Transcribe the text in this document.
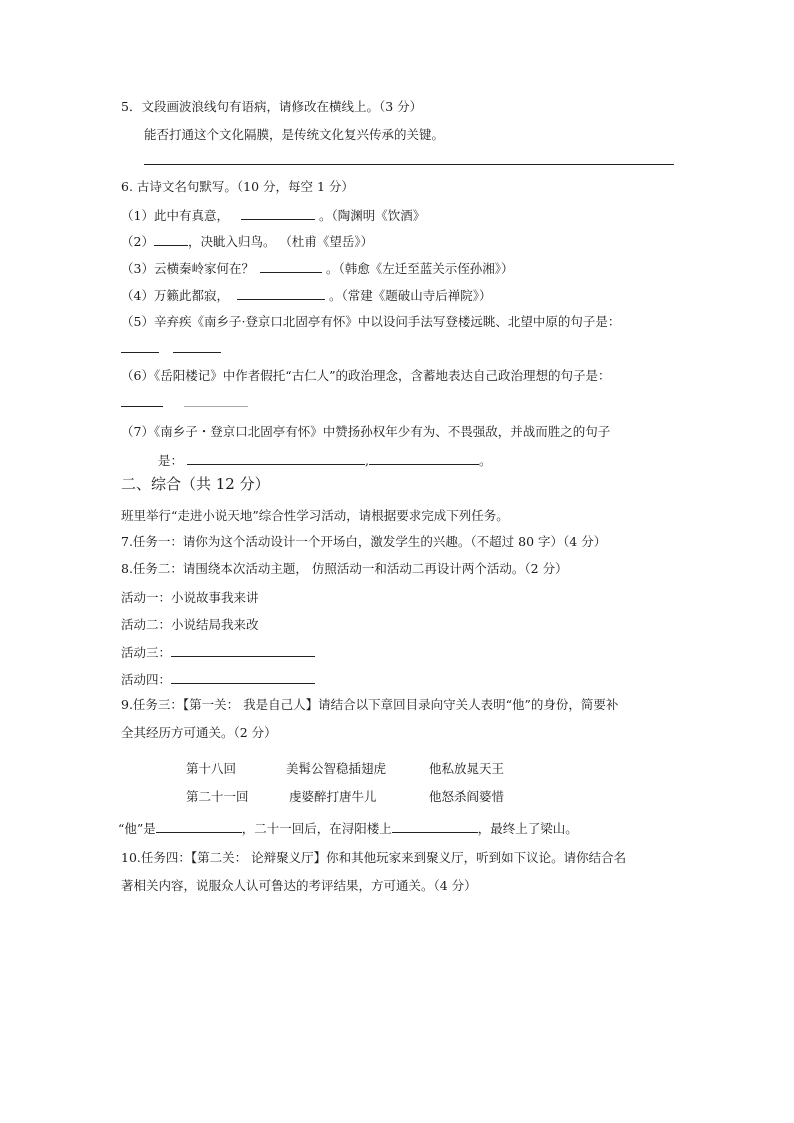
5．文段画波浪线句有语病，请修改在横线上。（3 分）
能否打通这个文化隔膜，是传统文化复兴传承的关键。
6. 古诗文名句默写。（10 分，每空 1 分）
（1）此中有真意，	。（陶渊明《饮酒》
（2）	，决眦入归鸟。 （杜甫《望岳》）
（3）云横秦岭家何在？	。（韩愈《左迁至蓝关示侄孙湘》）
（4）万籁此都寂，	。（常建《题破山寺后禅院》）
（5）辛弃疾《南乡子·登京口北固亭有怀》中以设问手法写登楼远眺、北望中原的句子是：
（6）《岳阳楼记》中作者假托“古仁人”的政治理念，含蓄地表达自己政治理想的句子是：
（7）《南乡子・登京口北固亭有怀》中赞扬孙权年少有为、不畏强敌，并战而胜之的句子
是：	,	。
二、综合（共 12 分）
班里举行“走进小说天地”综合性学习活动，请根据要求完成下列任务。
7.任务一：请你为这个活动设计一个开场白，激发学生的兴趣。（不超过 80 字）（4 分）
8.任务二：请围绕本次活动主题， 仿照活动一和活动二再设计两个活动。（2 分）
活动一：小说故事我来讲
活动二：小说结局我来改
活动三：
活动四：
9.任务三：【第一关： 我是自己人】请结合以下章回目录向守关人表明“他”的身份，简要补
全其经历方可通关。（2 分）
第十八回	美髯公智稳插翅虎	他私放晁天王
第二十一回	虔婆醉打唐牛儿	他怒杀阎婆惜
“他”是	，二十一回后，在浔阳楼上	，最终上了梁山。
10.任务四：【第二关： 论辩聚义厅】你和其他玩家来到聚义厅，听到如下议论。请你结合名
著相关内容，说服众人认可鲁达的考评结果，方可通关。（4 分）
